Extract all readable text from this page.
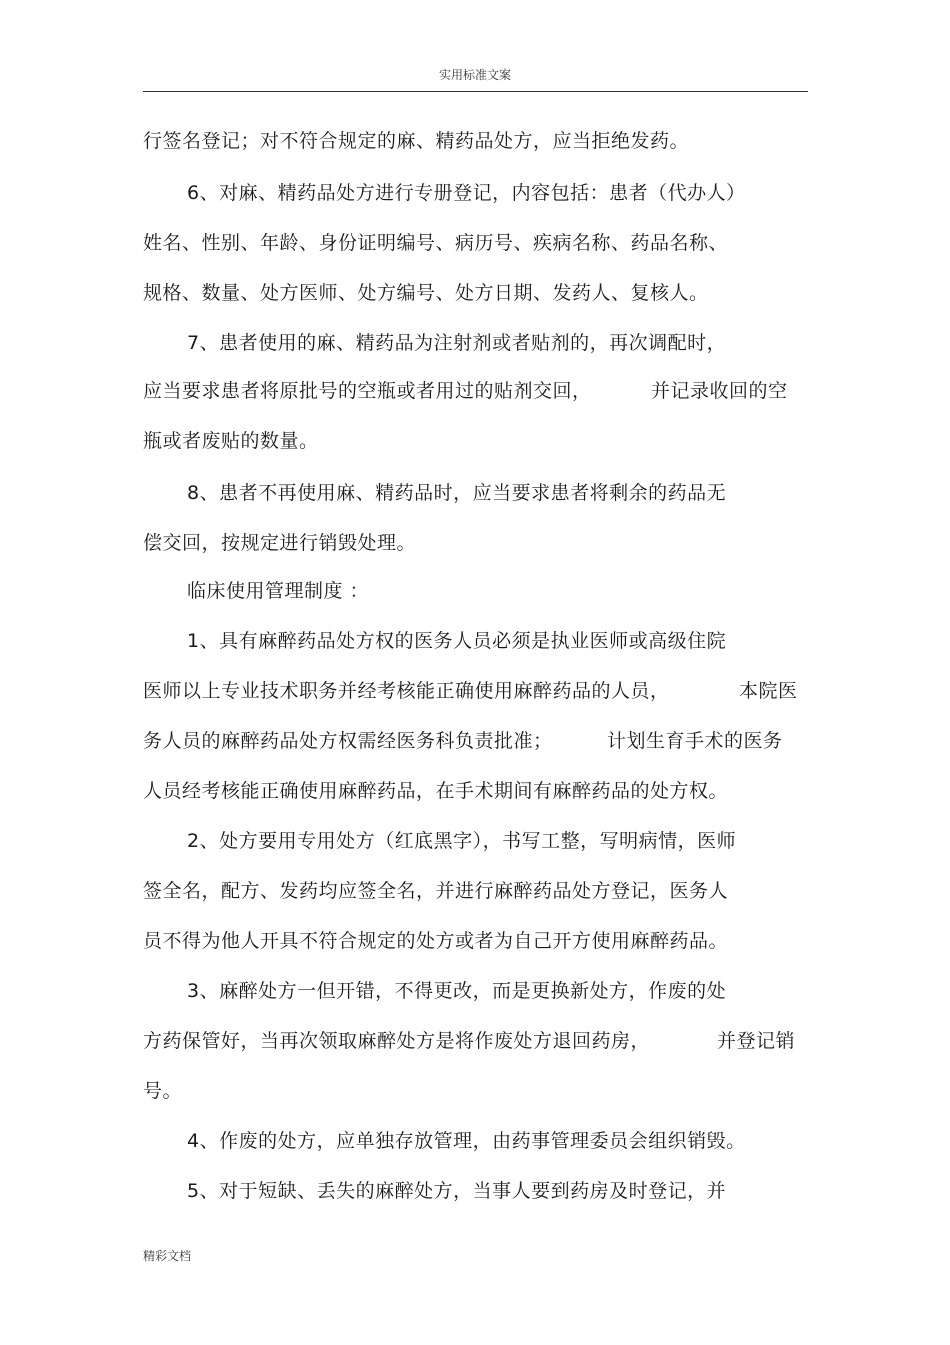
实用标准文案
行签名登记；对不符合规定的麻、精药品处方，应当拒绝发药。
6、对麻、精药品处方进行专册登记，内容包括：患者（代办人）
姓名、性别、年龄、身份证明编号、病历号、疾病名称、药品名称、
规格、数量、处方医师、处方编号、处方日期、发药人、复核人。
7、患者使用的麻、精药品为注射剂或者贴剂的，再次调配时，
应当要求患者将原批号的空瓶或者用过的贴剂交回，	并记录收回的空
瓶或者废贴的数量。
8、患者不再使用麻、精药品时，应当要求患者将剩余的药品无
偿交回，按规定进行销毁处理。
临床使用管理制度 ：
1、具有麻醉药品处方权的医务人员必须是执业医师或高级住院
医师以上专业技术职务并经考核能正确使用麻醉药品的人员，	本院医
务人员的麻醉药品处方权需经医务科负责批准；	计划生育手术的医务
人员经考核能正确使用麻醉药品，在手术期间有麻醉药品的处方权。
2、处方要用专用处方（红底黑字），书写工整，写明病情，医师
签全名，配方、发药均应签全名，并进行麻醉药品处方登记，医务人
员不得为他人开具不符合规定的处方或者为自己开方使用麻醉药品。
3、麻醉处方一但开错，不得更改，而是更换新处方，作废的处
方药保管好，当再次领取麻醉处方是将作废处方退回药房，	并登记销
号。
4、作废的处方，应单独存放管理，由药事管理委员会组织销毁。
5、对于短缺、丢失的麻醉处方，当事人要到药房及时登记，并
精彩文档
